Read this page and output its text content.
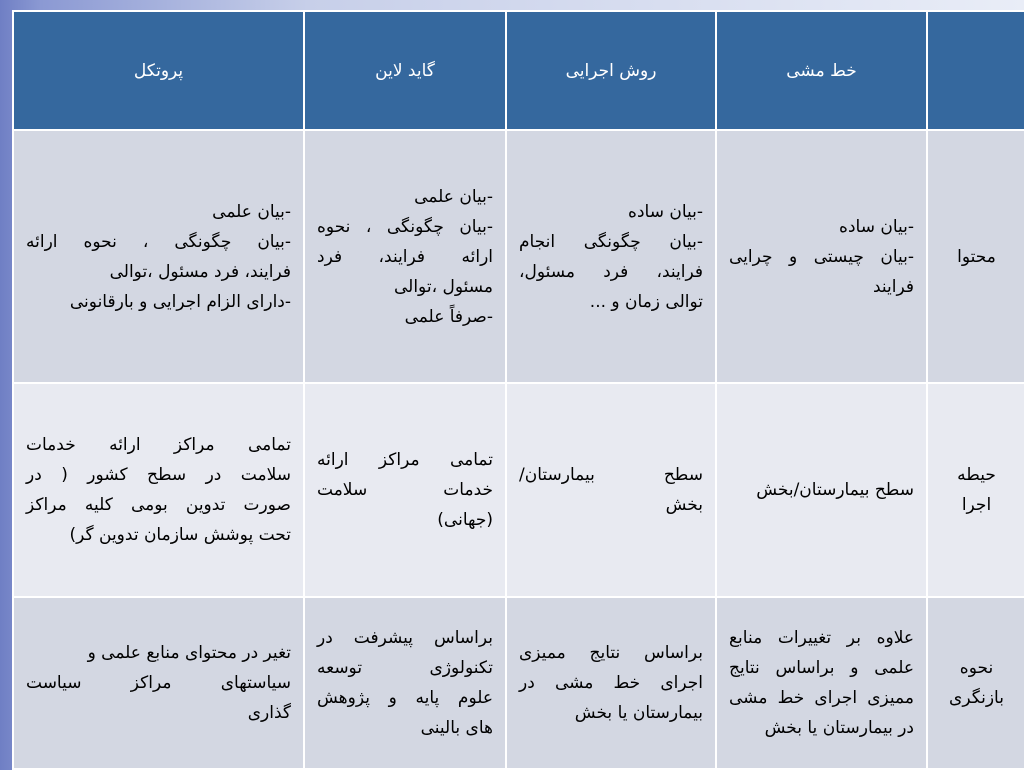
	خط مشی	روش اجرایی	گاید لاین	پروتکل

محتوا	-بیان ساده
-بیان چیستی و چرایی
فرایند	-بیان ساده
-بیان چگونگی انجام
فرایند، فرد مسئول،
توالی زمان و ...	-بیان علمی
-بیان چگونگی ، نحوه
ارائه فرایند، فرد
مسئول ،توالی
-صرفاً علمی	-بیان علمی
-بیان چگونگی ، نحوه ارائه
فرایند، فرد مسئول ،توالی
-دارای الزام اجرایی و بارقانونی

حیطه
اجرا	سطح بیمارستان/بخش	سطح بیمارستان/
بخش	تمامی مراکز ارائه
خدمات سلامت
(جهانی)	تمامی مراکز ارائه خدمات
سلامت در سطح کشور ( در
صورت تدوین بومی کلیه مراکز
تحت پوشش سازمان تدوین گر)

نحوه
بازنگری	علاوه بر تغییرات منابع
علمی و براساس نتایج
ممیزی اجرای خط مشی
در بیمارستان یا بخش	براساس نتایج ممیزی
اجرای خط مشی در
بیمارستان یا بخش	براساس پیشرفت در
تکنولوژی توسعه
علوم پایه و پژوهش
های بالینی	تغیر در محتوای منابع علمی و
سیاستهای مراکز سیاست
گذاری
